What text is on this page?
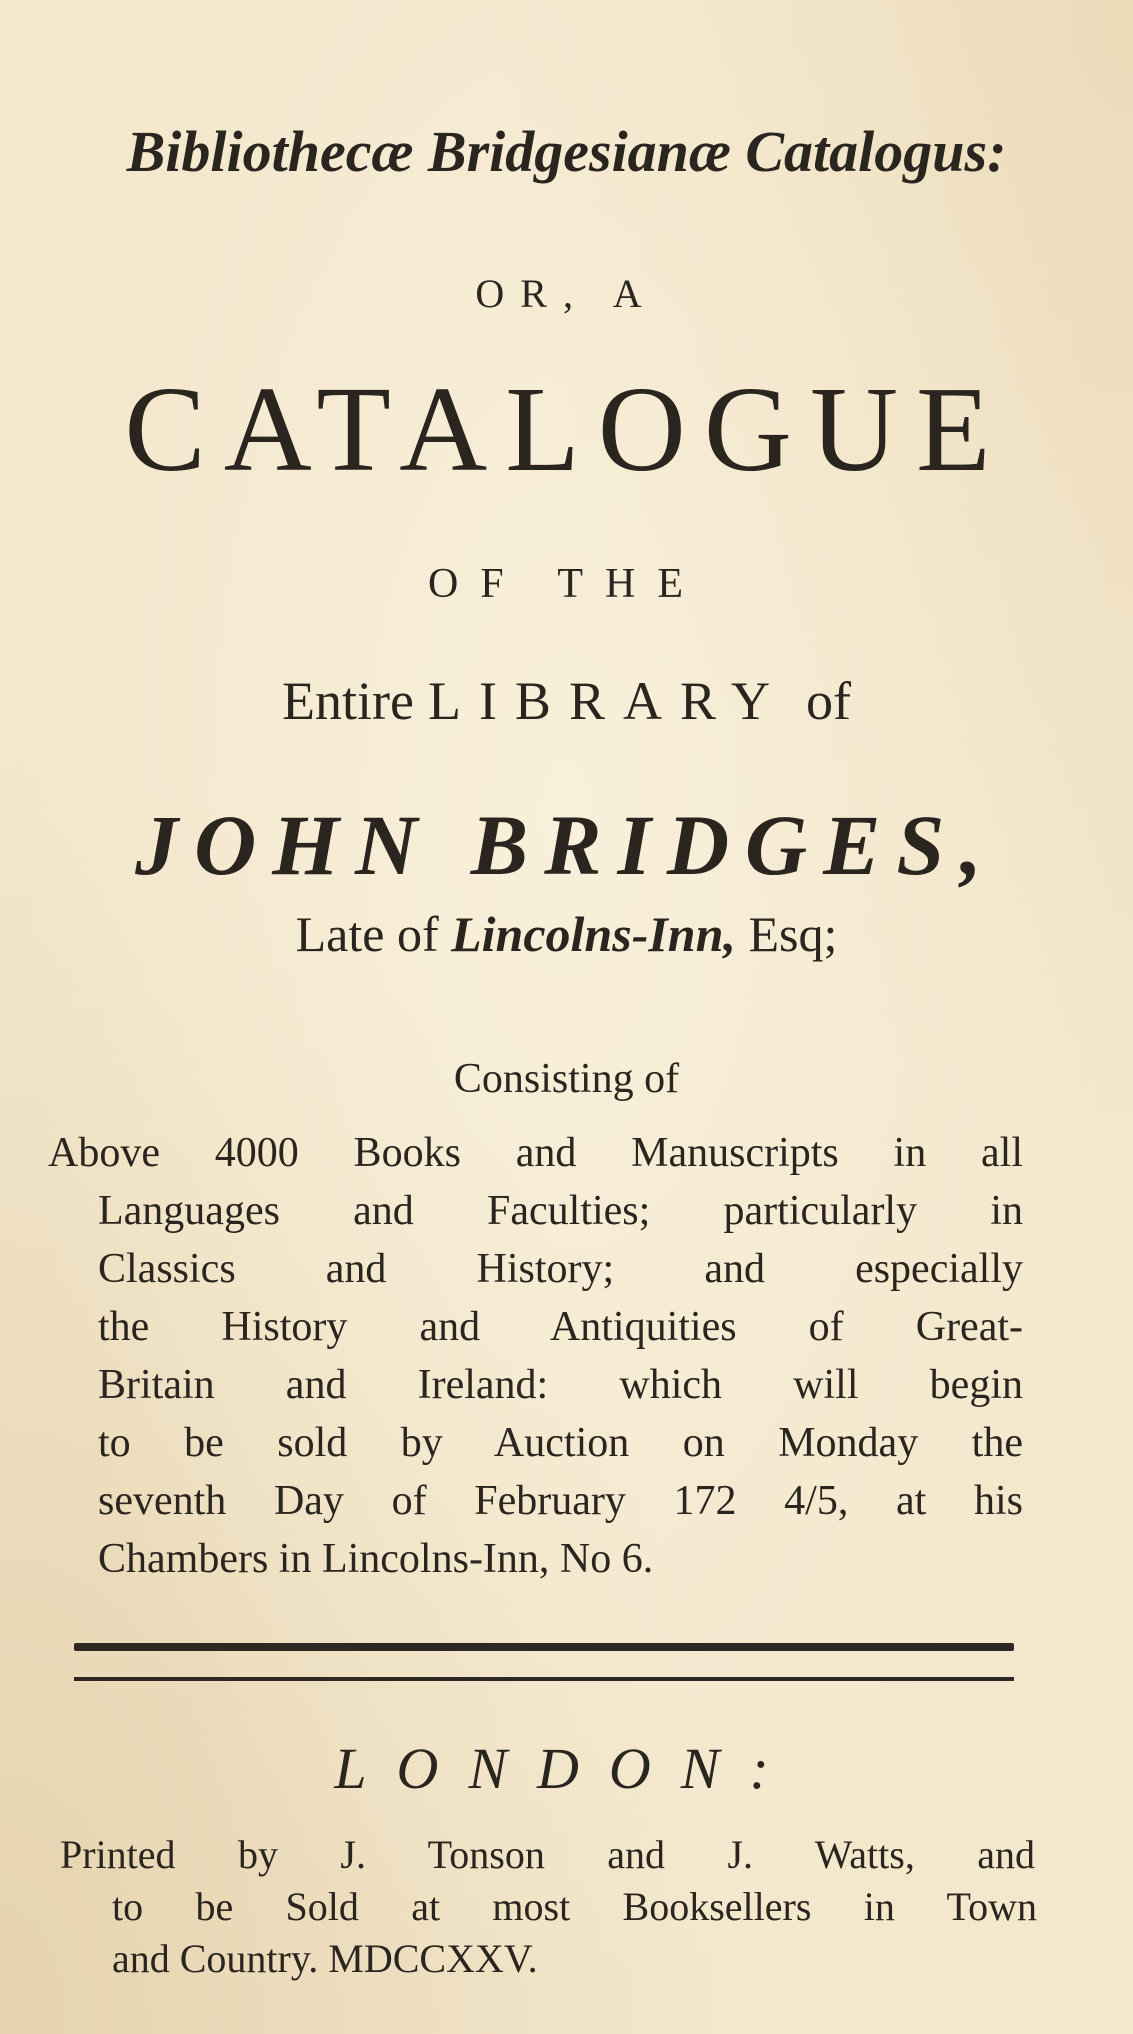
Bibliothecæ Bridgesianæ Catalogus:
OR, A
CATALOGUE
OF THE
Entire LIBRARY of
JOHN BRIDGES,
Late of Lincolns-Inn, Esq;
Consisting of
Above 4000 Books and Manuscripts in all
Languages and Faculties; particularly in
Classics and History; and especially
the History and Antiquities of Great-
Britain and Ireland: which will begin
to be sold by Auction on Monday the
seventh Day of February 172 4/5, at his
Chambers in Lincolns-Inn, No 6.
LONDON:
Printed by J. Tonson and J. Watts, and
to be Sold at most Booksellers in Town
and Country. MDCCXXV.
